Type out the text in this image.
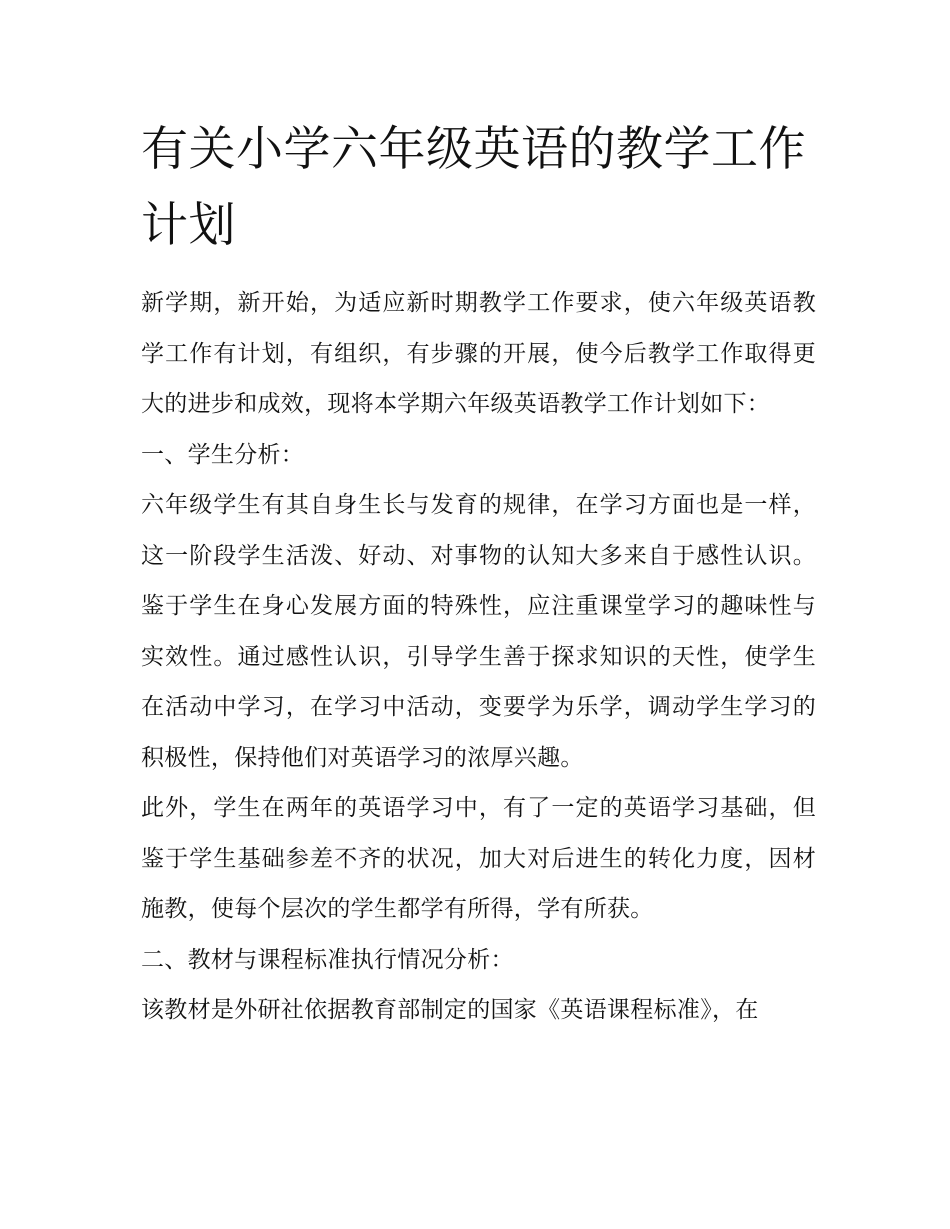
有关小学六年级英语的教学工作计划

新学期，新开始，为适应新时期教学工作要求，使六年级英语教学工作有计划，有组织，有步骤的开展，使今后教学工作取得更大的进步和成效，现将本学期六年级英语教学工作计划如下：

一、学生分析：

六年级学生有其自身生长与发育的规律，在学习方面也是一样，这一阶段学生活泼、好动、对事物的认知大多来自于感性认识。鉴于学生在身心发展方面的特殊性，应注重课堂学习的趣味性与实效性。通过感性认识，引导学生善于探求知识的天性，使学生在活动中学习，在学习中活动，变要学为乐学，调动学生学习的积极性，保持他们对英语学习的浓厚兴趣。

此外，学生在两年的英语学习中，有了一定的英语学习基础，但鉴于学生基础参差不齐的状况，加大对后进生的转化力度，因材施教，使每个层次的学生都学有所得，学有所获。

二、教材与课程标准执行情况分析：

该教材是外研社依据教育部制定的国家《英语课程标准》，在
